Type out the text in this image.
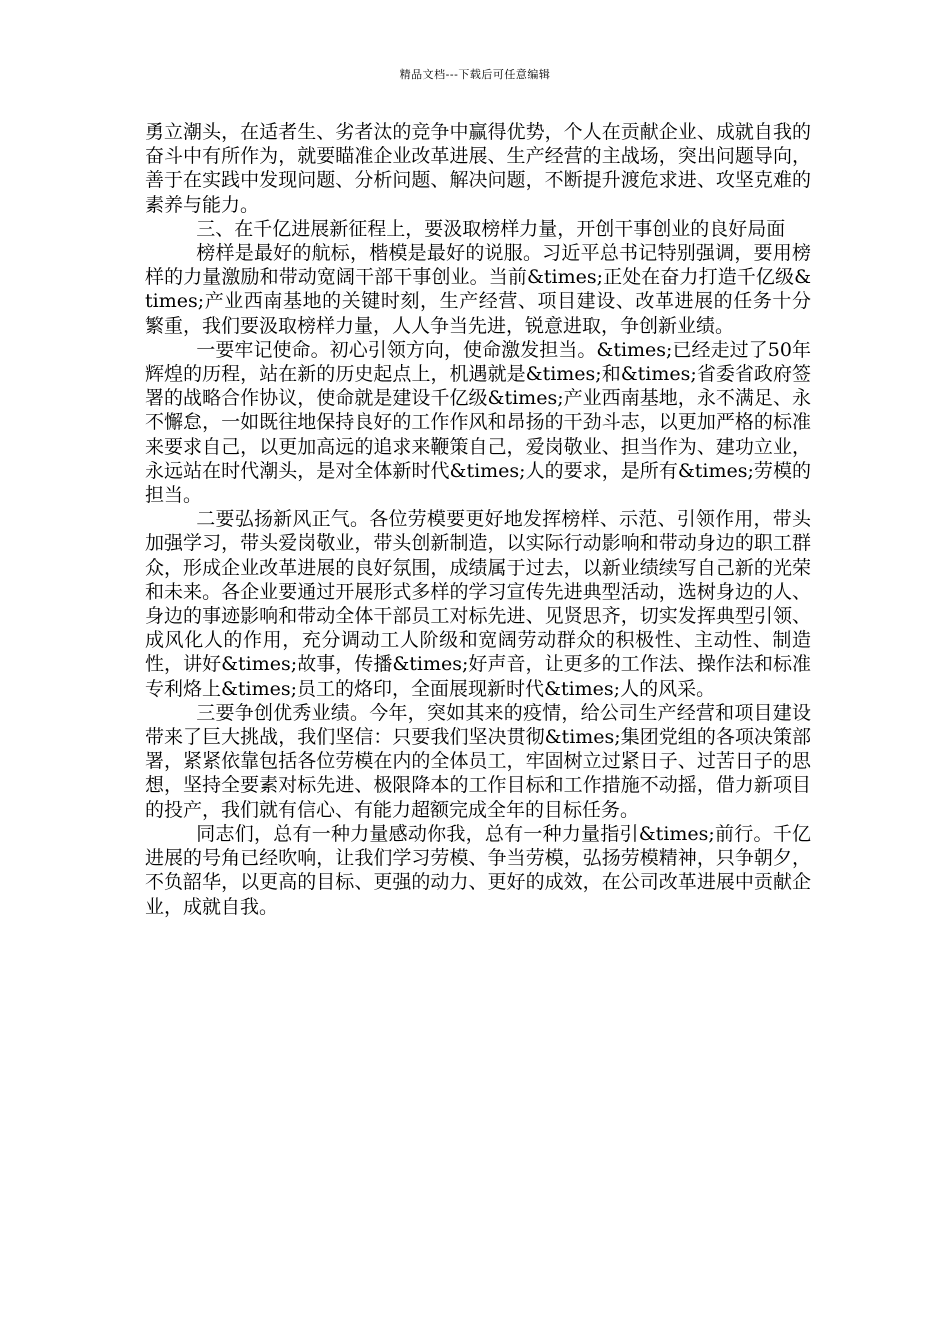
精品文档---下载后可任意编辑

勇立潮头，在适者生、劣者汰的竞争中赢得优势，个人在贡献企业、成就自我的奋斗中有所作为，就要瞄准企业改革进展、生产经营的主战场，突出问题导向，善于在实践中发现问题、分析问题、解决问题，不断提升渡危求进、攻坚克难的素养与能力。

三、在千亿进展新征程上，要汲取榜样力量，开创干事创业的良好局面

榜样是最好的航标，楷模是最好的说服。习近平总书记特别强调，要用榜样的力量激励和带动宽阔干部干事创业。当前&times;正处在奋力打造千亿级&times;产业西南基地的关键时刻，生产经营、项目建设、改革进展的任务十分繁重，我们要汲取榜样力量，人人争当先进，锐意进取，争创新业绩。

一要牢记使命。初心引领方向，使命激发担当。&times;已经走过了50年辉煌的历程，站在新的历史起点上，机遇就是&times;和&times;省委省政府签署的战略合作协议，使命就是建设千亿级&times;产业西南基地，永不满足、永不懈怠，一如既往地保持良好的工作作风和昂扬的干劲斗志，以更加严格的标准来要求自己，以更加高远的追求来鞭策自己，爱岗敬业、担当作为、建功立业，永远站在时代潮头，是对全体新时代&times;人的要求，是所有&times;劳模的担当。

二要弘扬新风正气。各位劳模要更好地发挥榜样、示范、引领作用，带头加强学习，带头爱岗敬业，带头创新制造，以实际行动影响和带动身边的职工群众，形成企业改革进展的良好氛围，成绩属于过去，以新业绩续写自己新的光荣和未来。各企业要通过开展形式多样的学习宣传先进典型活动，选树身边的人、身边的事迹影响和带动全体干部员工对标先进、见贤思齐，切实发挥典型引领、成风化人的作用，充分调动工人阶级和宽阔劳动群众的积极性、主动性、制造性，讲好&times;故事，传播&times;好声音，让更多的工作法、操作法和标准专利烙上&times;员工的烙印，全面展现新时代&times;人的风采。

三要争创优秀业绩。今年，突如其来的疫情，给公司生产经营和项目建设带来了巨大挑战，我们坚信：只要我们坚决贯彻&times;集团党组的各项决策部署，紧紧依靠包括各位劳模在内的全体员工，牢固树立过紧日子、过苦日子的思想，坚持全要素对标先进、极限降本的工作目标和工作措施不动摇，借力新项目的投产，我们就有信心、有能力超额完成全年的目标任务。

同志们，总有一种力量感动你我，总有一种力量指引&times;前行。千亿进展的号角已经吹响，让我们学习劳模、争当劳模，弘扬劳模精神，只争朝夕，不负韶华，以更高的目标、更强的动力、更好的成效，在公司改革进展中贡献企业，成就自我。
